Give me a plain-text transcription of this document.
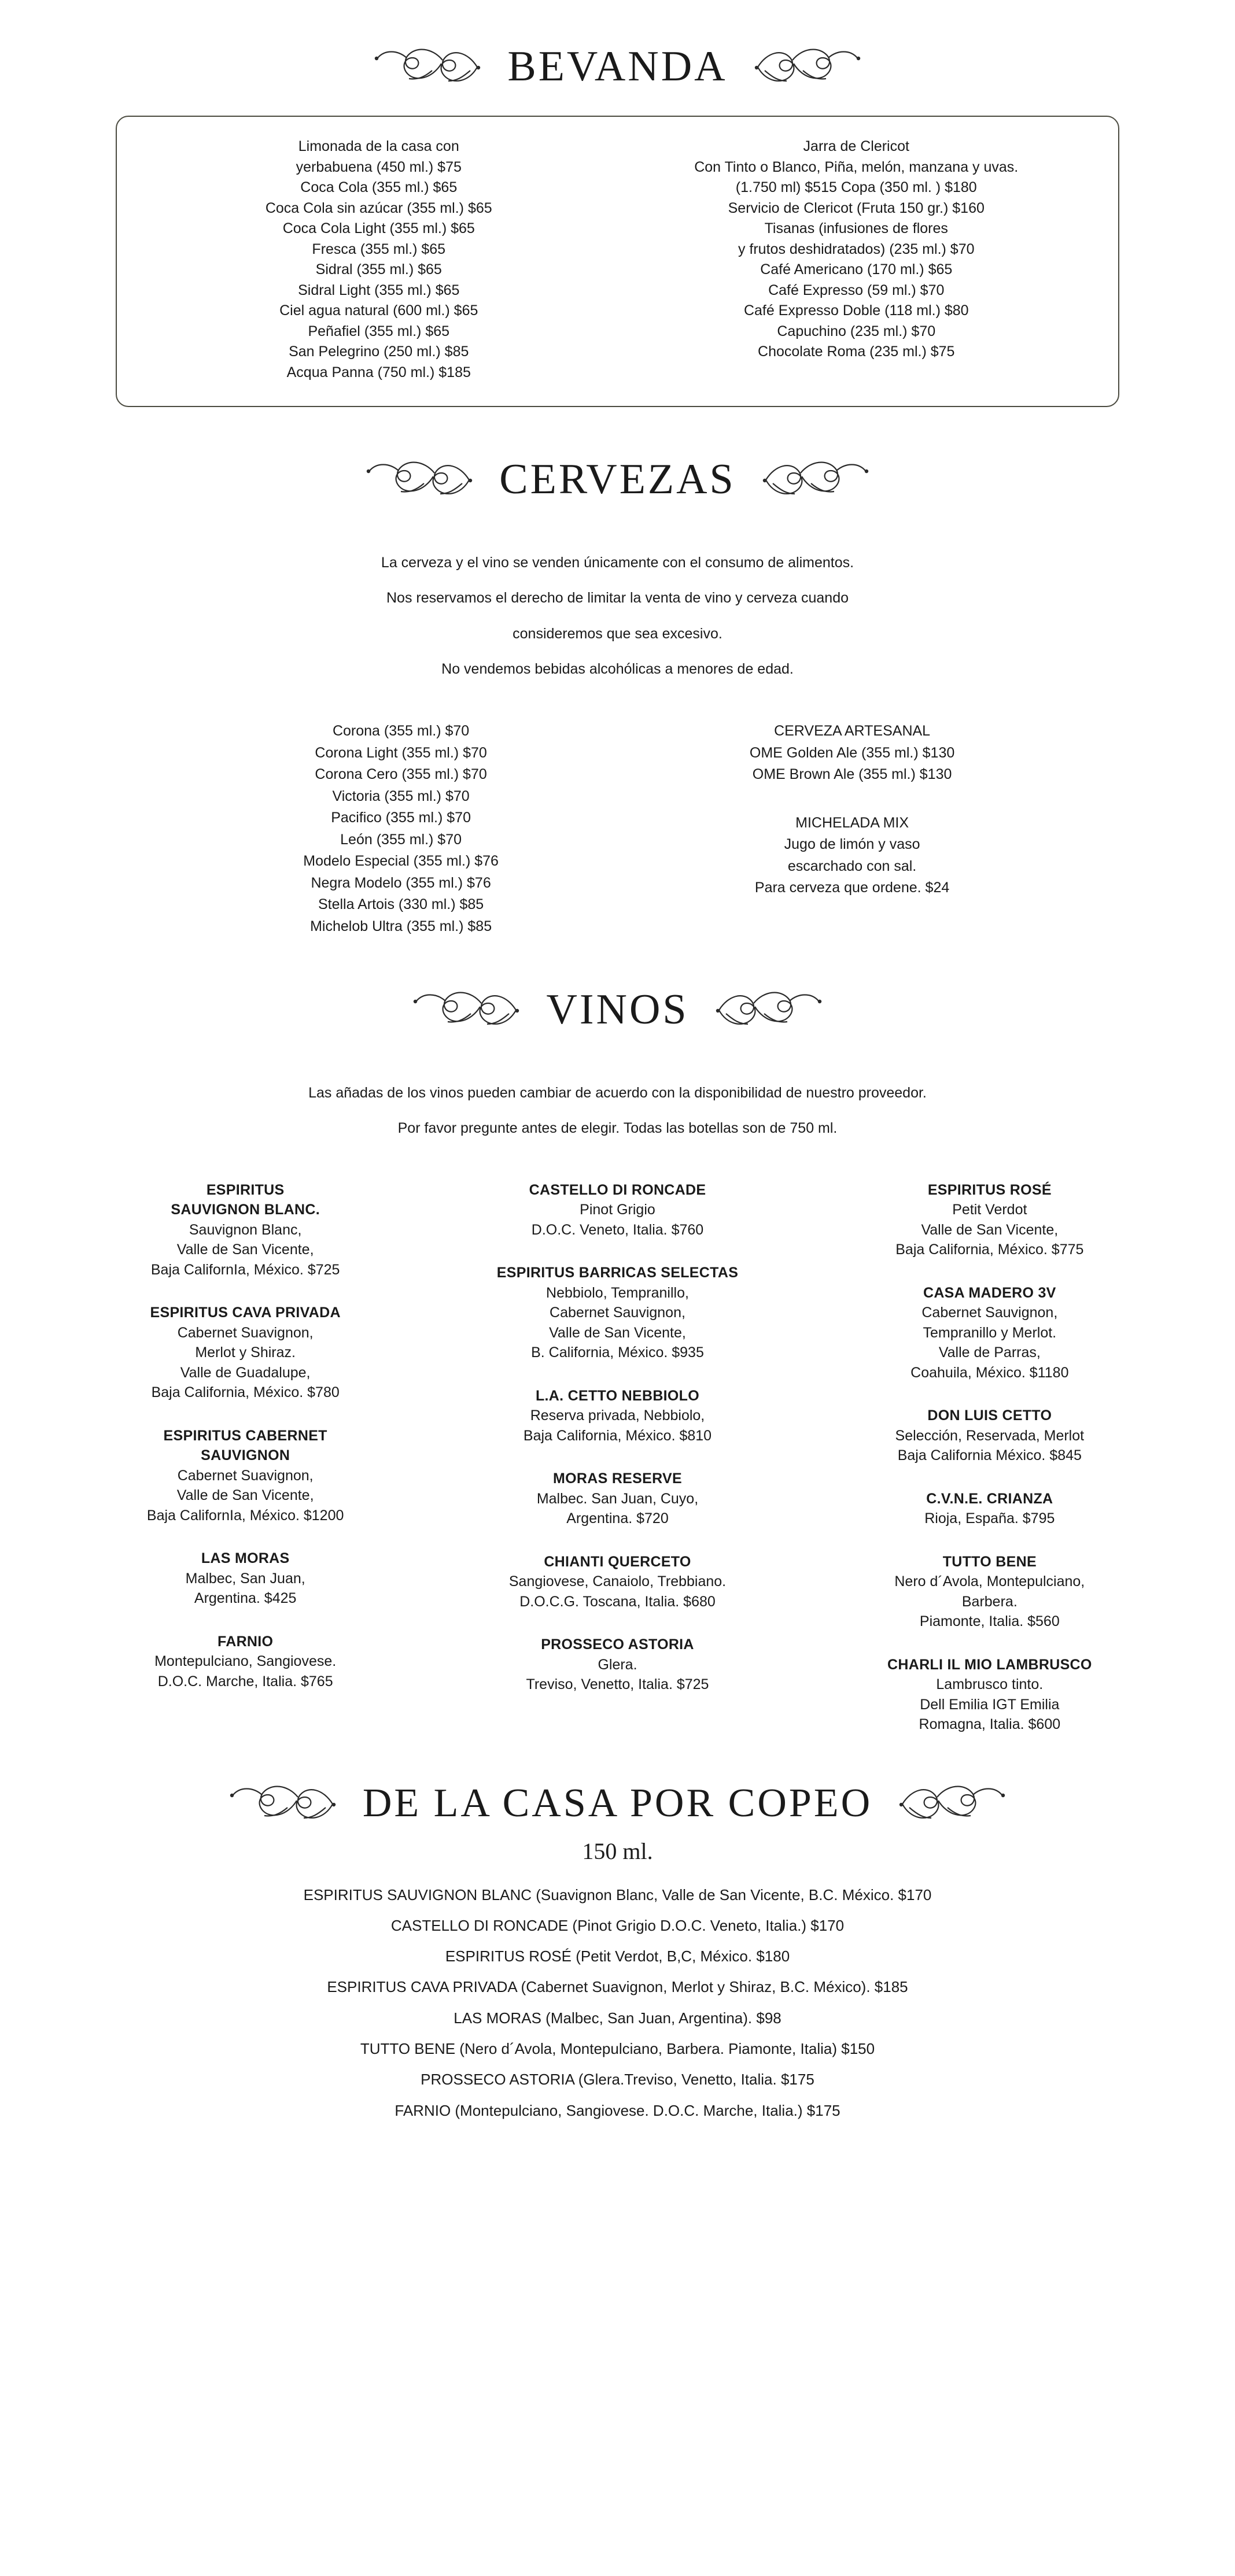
BEVANDA

Limonada de la casa con

yerbabuena (450 ml.) $75

Coca Cola (355 ml.) $65

Coca Cola sin azúcar (355 ml.) $65

Coca Cola Light (355 ml.) $65

Fresca (355 ml.) $65

Sidral (355 ml.) $65

Sidral Light (355 ml.) $65

Ciel agua natural (600 ml.) $65

Peñafiel (355 ml.) $65

San Pelegrino (250 ml.) $85

Acqua Panna (750 ml.) $185

Jarra de Clericot

Con Tinto o Blanco, Piña, melón, manzana y uvas.

(1.750 ml) $515 Copa (350 ml. ) $180

Servicio de Clericot (Fruta 150 gr.) $160

Tisanas (infusiones de flores

y frutos deshidratados) (235 ml.) $70

Café Americano (170 ml.) $65

Café Expresso (59 ml.) $70

Café Expresso Doble (118 ml.) $80

Capuchino (235 ml.) $70

Chocolate Roma (235 ml.) $75

CERVEZAS

La cerveza y el vino se venden únicamente con el consumo de alimentos.

Nos reservamos el derecho de limitar la venta de vino y cerveza cuando

consideremos que sea excesivo.

No vendemos bebidas alcohólicas a menores de edad.

Corona (355 ml.) $70

Corona Light (355 ml.) $70

Corona Cero (355 ml.) $70

Victoria (355 ml.) $70

Pacifico (355 ml.) $70

León (355 ml.) $70

Modelo Especial (355 ml.) $76

Negra Modelo (355 ml.) $76

Stella Artois (330 ml.) $85

Michelob Ultra (355 ml.) $85

CERVEZA ARTESANAL

OME Golden Ale (355 ml.) $130

OME Brown Ale (355 ml.) $130

MICHELADA MIX

Jugo de limón y vaso

escarchado con sal.

Para cerveza que ordene. $24

VINOS

Las añadas de los vinos pueden cambiar de acuerdo con la disponibilidad de nuestro proveedor.

Por favor pregunte antes de elegir. Todas las botellas son de 750 ml.

ESPIRITUS
SAUVIGNON BLANC.
Sauvignon Blanc,
Valle de San Vicente,
Baja CalifornIa, México. $725
ESPIRITUS CAVA PRIVADA
Cabernet Suavignon,
Merlot y Shiraz.
Valle de Guadalupe,
Baja California, México. $780
ESPIRITUS CABERNET
SAUVIGNON
Cabernet Suavignon,
Valle de San Vicente,
Baja CalifornIa, México. $1200
LAS MORAS
Malbec, San Juan,
Argentina. $425
FARNIO
Montepulciano, Sangiovese.
D.O.C. Marche, Italia. $765
CASTELLO DI RONCADE
Pinot Grigio
D.O.C. Veneto, Italia. $760
ESPIRITUS BARRICAS SELECTAS
Nebbiolo, Tempranillo,
Cabernet Sauvignon,
Valle de San Vicente,
B. California, México. $935
L.A. CETTO NEBBIOLO
Reserva privada, Nebbiolo,
Baja California, México. $810
MORAS RESERVE
Malbec. San Juan, Cuyo,
Argentina. $720
CHIANTI QUERCETO
Sangiovese, Canaiolo, Trebbiano.
D.O.C.G. Toscana, Italia. $680
PROSSECO ASTORIA
Glera.
Treviso, Venetto, Italia. $725
ESPIRITUS ROSÉ
Petit Verdot
Valle de San Vicente,
Baja California, México. $775
CASA MADERO 3V
Cabernet Sauvignon,
Tempranillo y Merlot.
Valle de Parras,
Coahuila, México. $1180
DON LUIS CETTO
Selección, Reservada, Merlot
Baja California México. $845
C.V.N.E. CRIANZA
Rioja, España. $795
TUTTO BENE
Nero d´Avola, Montepulciano,
Barbera.
Piamonte, Italia. $560
CHARLI IL MIO LAMBRUSCO
Lambrusco tinto.
Dell Emilia IGT Emilia
Romagna, Italia. $600
DE LA CASA POR COPEO
150 ml.

ESPIRITUS SAUVIGNON BLANC (Suavignon Blanc, Valle de San Vicente, B.C. México. $170

CASTELLO DI RONCADE (Pinot Grigio D.O.C. Veneto, Italia.) $170

ESPIRITUS ROSÉ (Petit Verdot, B,C, México. $180

ESPIRITUS CAVA PRIVADA (Cabernet Suavignon, Merlot y Shiraz, B.C. México). $185

LAS MORAS (Malbec, San Juan, Argentina). $98

TUTTO BENE (Nero d´Avola, Montepulciano, Barbera. Piamonte, Italia) $150

PROSSECO ASTORIA (Glera.Treviso, Venetto, Italia. $175

FARNIO (Montepulciano, Sangiovese. D.O.C. Marche, Italia.) $175
